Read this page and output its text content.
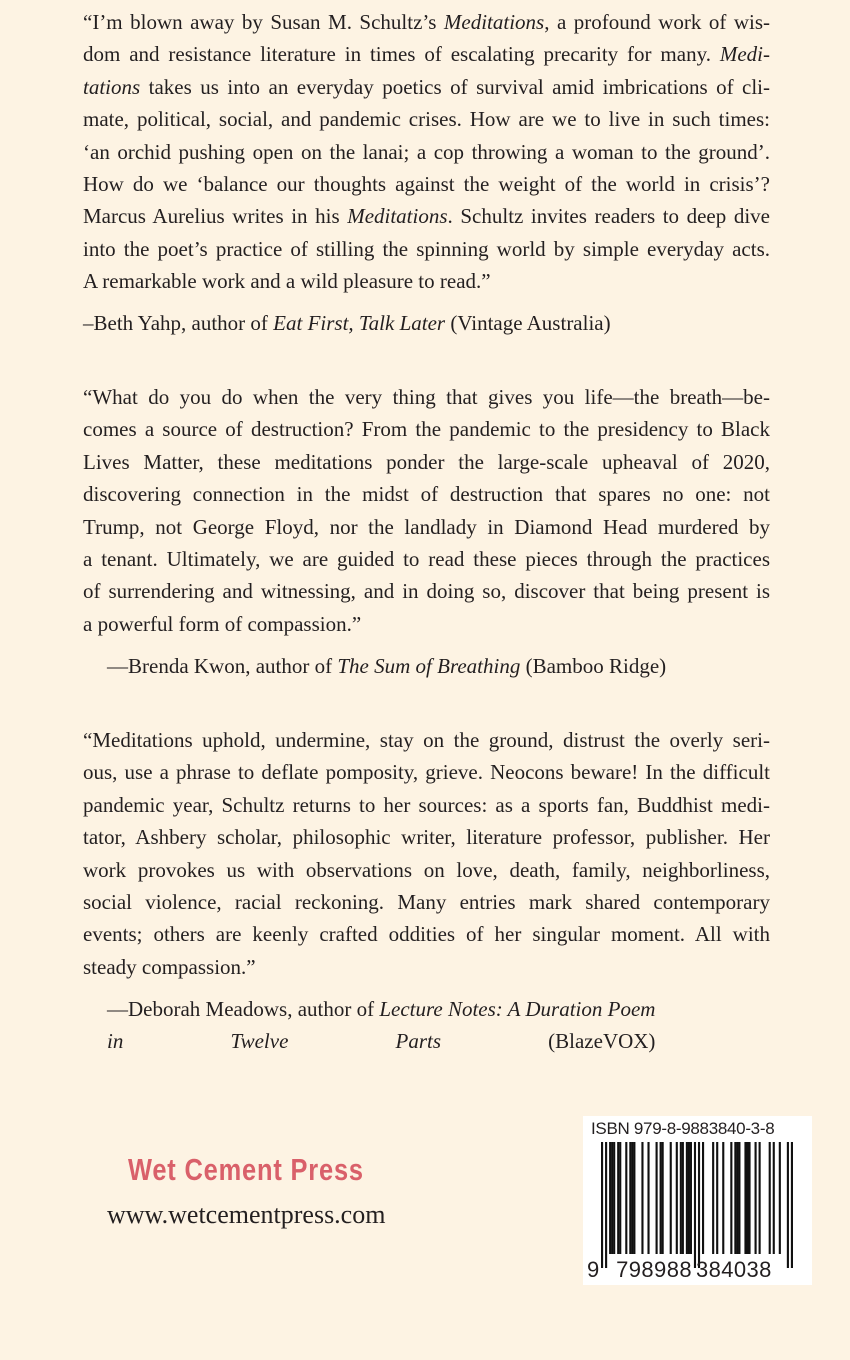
“I’m blown away by Susan M. Schultz’s Meditations, a profound work of wis-
dom and resistance literature in times of escalating precarity for many. Medi-
tations takes us into an everyday poetics of survival amid imbrications of cli-
mate, political, social, and pandemic crises. How are we to live in such times:
‘an orchid pushing open on the lanai; a cop throwing a woman to the ground’.
How do we ‘balance our thoughts against the weight of the world in crisis’?
Marcus Aurelius writes in his Meditations. Schultz invites readers to deep dive
into the poet’s practice of stilling the spinning world by simple everyday acts.
A remarkable work and a wild pleasure to read.”
–Beth Yahp, author of Eat First, Talk Later (Vintage Australia)
“What do you do when the very thing that gives you life—the breath—be-
comes a source of destruction? From the pandemic to the presidency to Black
Lives Matter, these meditations ponder the large-scale upheaval of 2020,
discovering connection in the midst of destruction that spares no one: not
Trump, not George Floyd, nor the landlady in Diamond Head murdered by
a tenant. Ultimately, we are guided to read these pieces through the practices
of surrendering and witnessing, and in doing so, discover that being present is
a powerful form of compassion.”
—Brenda Kwon, author of The Sum of Breathing (Bamboo Ridge)
“Meditations uphold, undermine, stay on the ground, distrust the overly seri-
ous, use a phrase to deflate pomposity, grieve. Neocons beware! In the difficult
pandemic year, Schultz returns to her sources: as a sports fan, Buddhist medi-
tator, Ashbery scholar, philosophic writer, literature professor, publisher. Her
work provokes us with observations on love, death, family, neighborliness,
social violence, racial reckoning. Many entries mark shared contemporary
events; others are keenly crafted oddities of her singular moment. All with
steady compassion.”
—Deborah Meadows, author of Lecture Notes: A Duration Poem
in Twelve Parts (BlazeVOX)
Wet Cement Press
www.wetcementpress.com
ISBN 979-8-9883840-3-8
9 798988 384038
